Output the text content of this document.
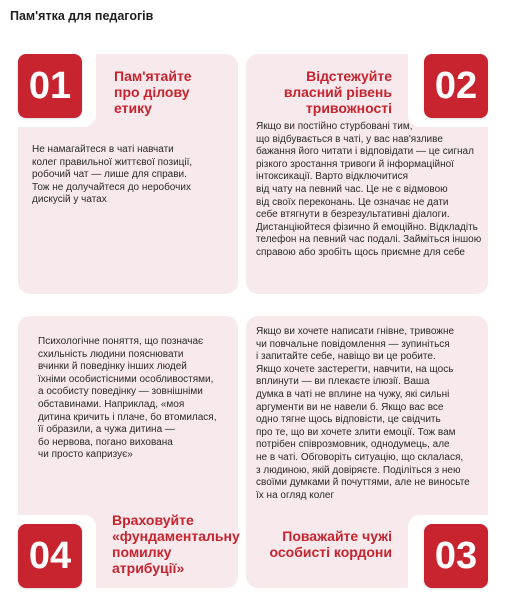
Пам'ятка для педагогів
01	Пам'ятайте
про ділову
етику
Не намагайтеся в чаті навчати
колег правильної життєвої позиції,
робочий чат — лише для справи.
Тож не долучайтеся до неробочих
дискусій у чатах
02
Відстежуйте
власний рівень
тривожності
Якщо ви постійно стурбовані тим,
що відбувається в чаті, у вас нав'язливе
бажання його читати і відповідати — це сигнал
різкого зростання тривоги й інформаційної
інтоксикації. Варто відключитися
від чату на певний час. Це не є відмовою
від своїх переконань. Це означає не дати
себе втягнути в безрезультативні діалоги.
Дистанціюйтеся фізично й емоційно. Відкладіть
телефон на певний час подалі. Займіться іншою
справою або зробіть щось приємне для себе
04
Психологічне поняття, що позначає
схильність людини пояснювати
вчинки й поведінку інших людей
їхніми особистісними особливостями,
а особисту поведінку — зовнішніми
обставинами. Наприклад, «моя
дитина кричить і плаче, бо втомилася,
її образили, а чужа дитина —
бо нервова, погано вихована
чи просто капризує»
Враховуйте
«фундаментальну
помилку
атрибуції»	03
Якщо ви хочете написати гнівне, тривожне
чи повчальне повідомлення — зупиніться
і запитайте себе, навіщо ви це робите.
Якщо хочете застерегти, навчити, на щось
вплинути — ви плекаєте ілюзії. Ваша
думка в чаті не вплине на чужу, які сильні
аргументи ви не навели б. Якщо вас все
одно тягне щось відповісти, це свідчить
про те, що ви хочете злити емоції. Тож вам
потрібен співрозмовник, однодумець, але
не в чаті. Обговоріть ситуацію, що склалася,
з людиною, якій довіряєте. Поділіться з нею
своїми думками й почуттями, але не виносьте
їх на огляд колег
Поважайте чужі
особисті кордони
